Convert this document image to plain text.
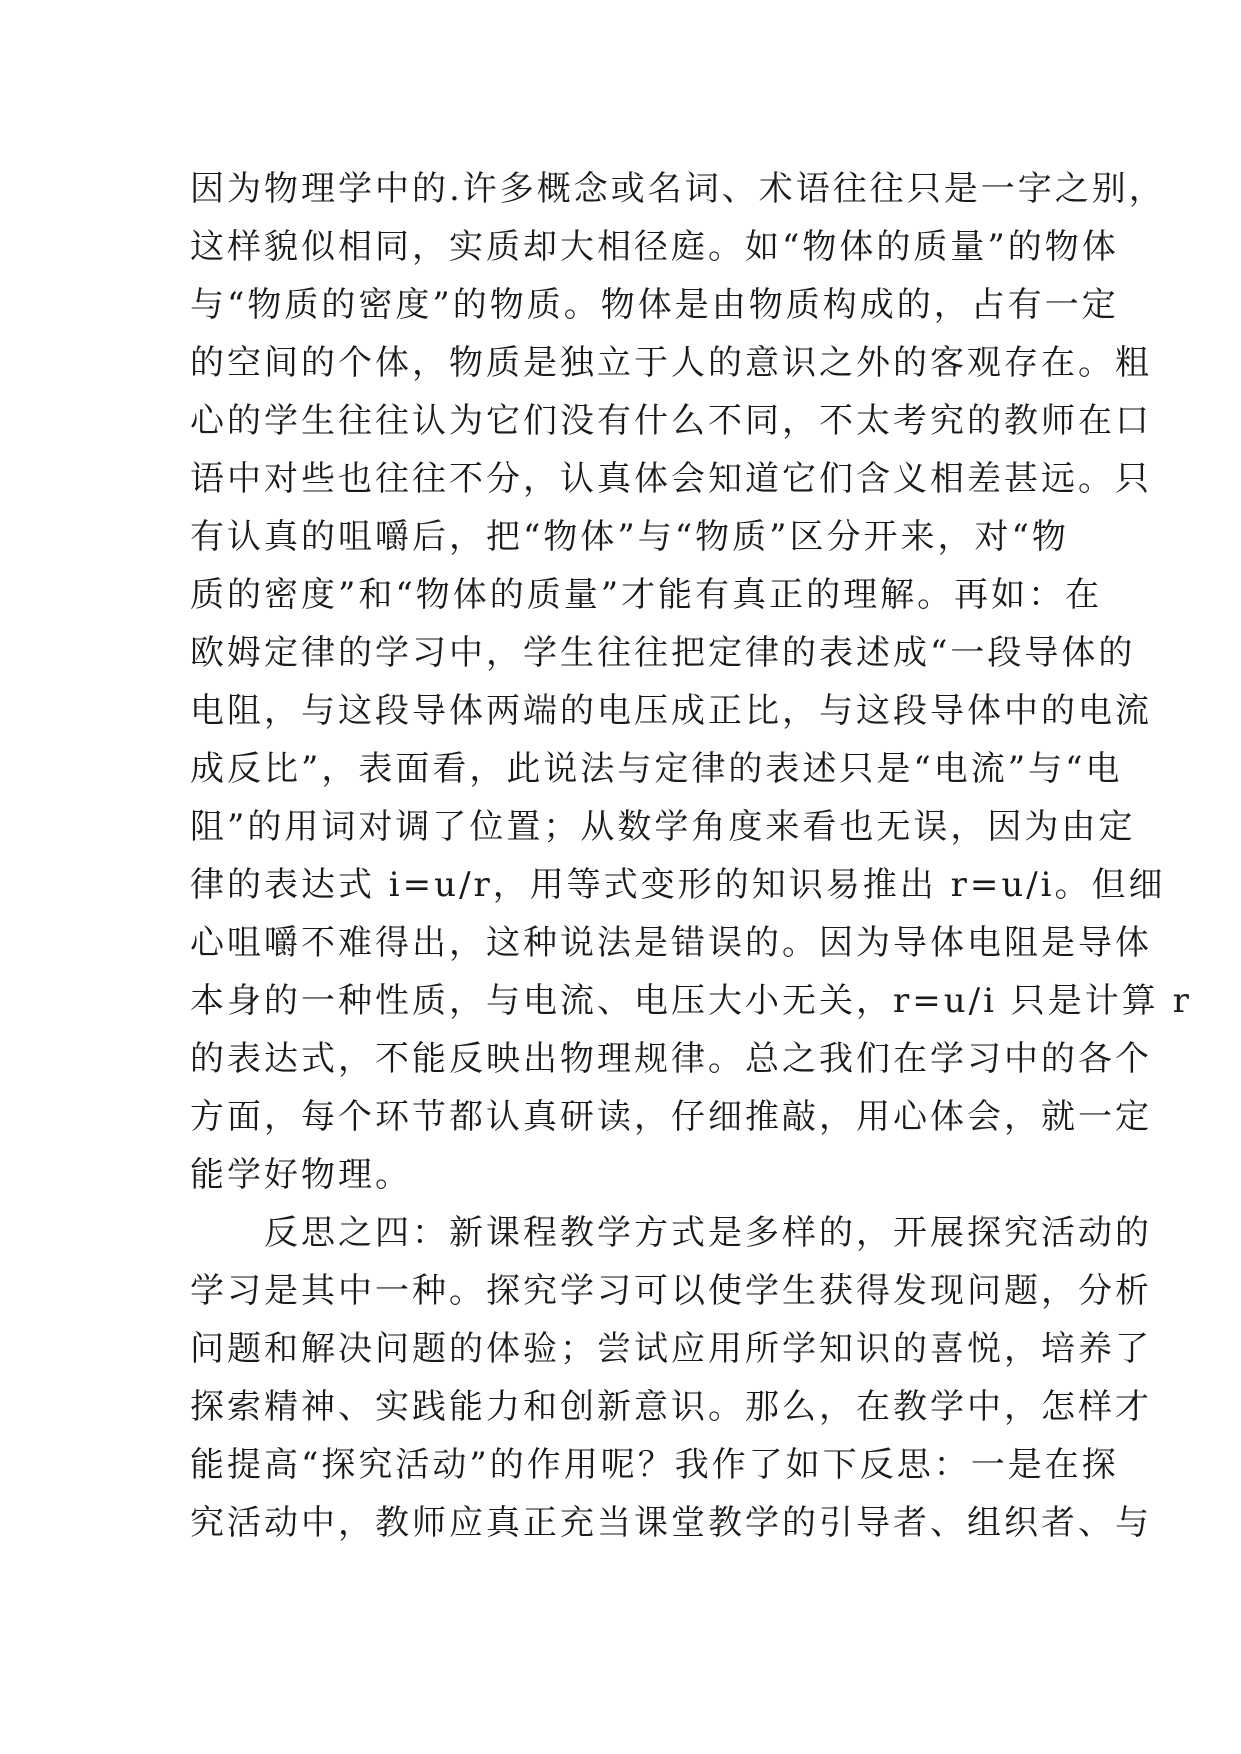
因为物理学中的.许多概念或名词、术语往往只是一字之别，
这样貌似相同，实质却大相径庭。如“物体的质量”的物体
与“物质的密度”的物质。物体是由物质构成的，占有一定
的空间的个体，物质是独立于人的意识之外的客观存在。粗
心的学生往往认为它们没有什么不同，不太考究的教师在口
语中对些也往往不分，认真体会知道它们含义相差甚远。只
有认真的咀嚼后，把“物体”与“物质”区分开来，对“物
质的密度”和“物体的质量”才能有真正的理解。再如：在
欧姆定律的学习中，学生往往把定律的表述成“一段导体的
电阻，与这段导体两端的电压成正比，与这段导体中的电流
成反比”，表面看，此说法与定律的表述只是“电流”与“电
阻”的用词对调了位置；从数学角度来看也无误，因为由定
律的表达式 i=u/r，用等式变形的知识易推出 r=u/i。但细
心咀嚼不难得出，这种说法是错误的。因为导体电阻是导体
本身的一种性质，与电流、电压大小无关，r=u/i 只是计算 r
的表达式，不能反映出物理规律。总之我们在学习中的各个
方面，每个环节都认真研读，仔细推敲，用心体会，就一定
能学好物理。
　　反思之四：新课程教学方式是多样的，开展探究活动的
学习是其中一种。探究学习可以使学生获得发现问题，分析
问题和解决问题的体验；尝试应用所学知识的喜悦，培养了
探索精神、实践能力和创新意识。那么，在教学中，怎样才
能提高“探究活动”的作用呢？我作了如下反思：一是在探
究活动中，教师应真正充当课堂教学的引导者、组织者、与
